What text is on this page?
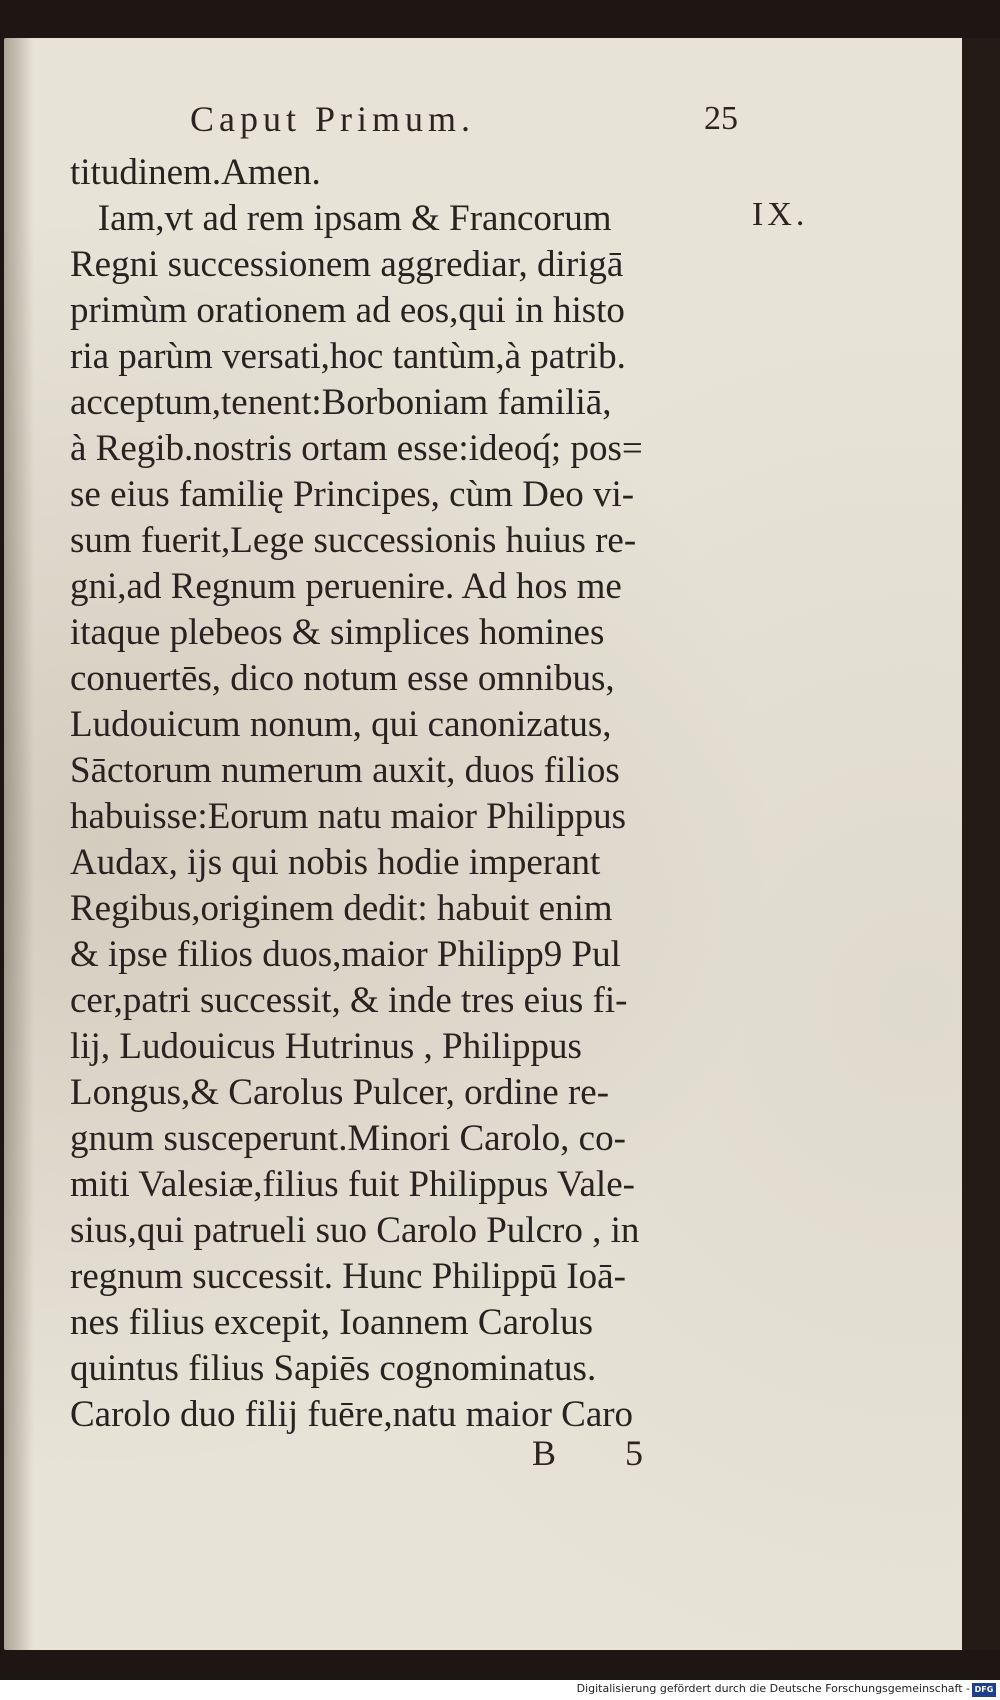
Caput Primum.	25
IX.
titudinem.Amen.
Iam,vt ad rem ipsam & Francorum
Regni successionem aggrediar, dirigā
primùm orationem ad eos,qui in histo
ria parùm versati,hoc tantùm,à patrib.
acceptum,tenent:Borboniam familiā,
à Regib.nostris ortam esse:ideoq́; pos=
se eius familię Principes, cùm Deo vi-
sum fuerit,Lege successionis huius re-
gni,ad Regnum peruenire. Ad hos me
itaque plebeos & simplices homines
conuertēs, dico notum esse omnibus,
Ludouicum nonum, qui canonizatus,
Sāctorum numerum auxit, duos filios
habuisse:Eorum natu maior Philippus
Audax, ijs qui nobis hodie imperant
Regibus,originem dedit: habuit enim
& ipse filios duos,maior Philipp9 Pul
cer,patri successit, & inde tres eius fi-
lij, Ludouicus Hutrinus , Philippus
Longus,& Carolus Pulcer, ordine re-
gnum susceperunt.Minori Carolo, co-
miti Valesiæ,filius fuit Philippus Vale-
sius,qui patrueli suo Carolo Pulcro , in
regnum successit. Hunc Philippū Ioā-
nes filius excepit, Ioannem Carolus
quintus filius Sapiēs cognominatus.
Carolo duo filij fuēre,natu maior Caro
B 5
Digitalisierung gefördert durch die Deutsche Forschungsgemeinschaft - DFG
